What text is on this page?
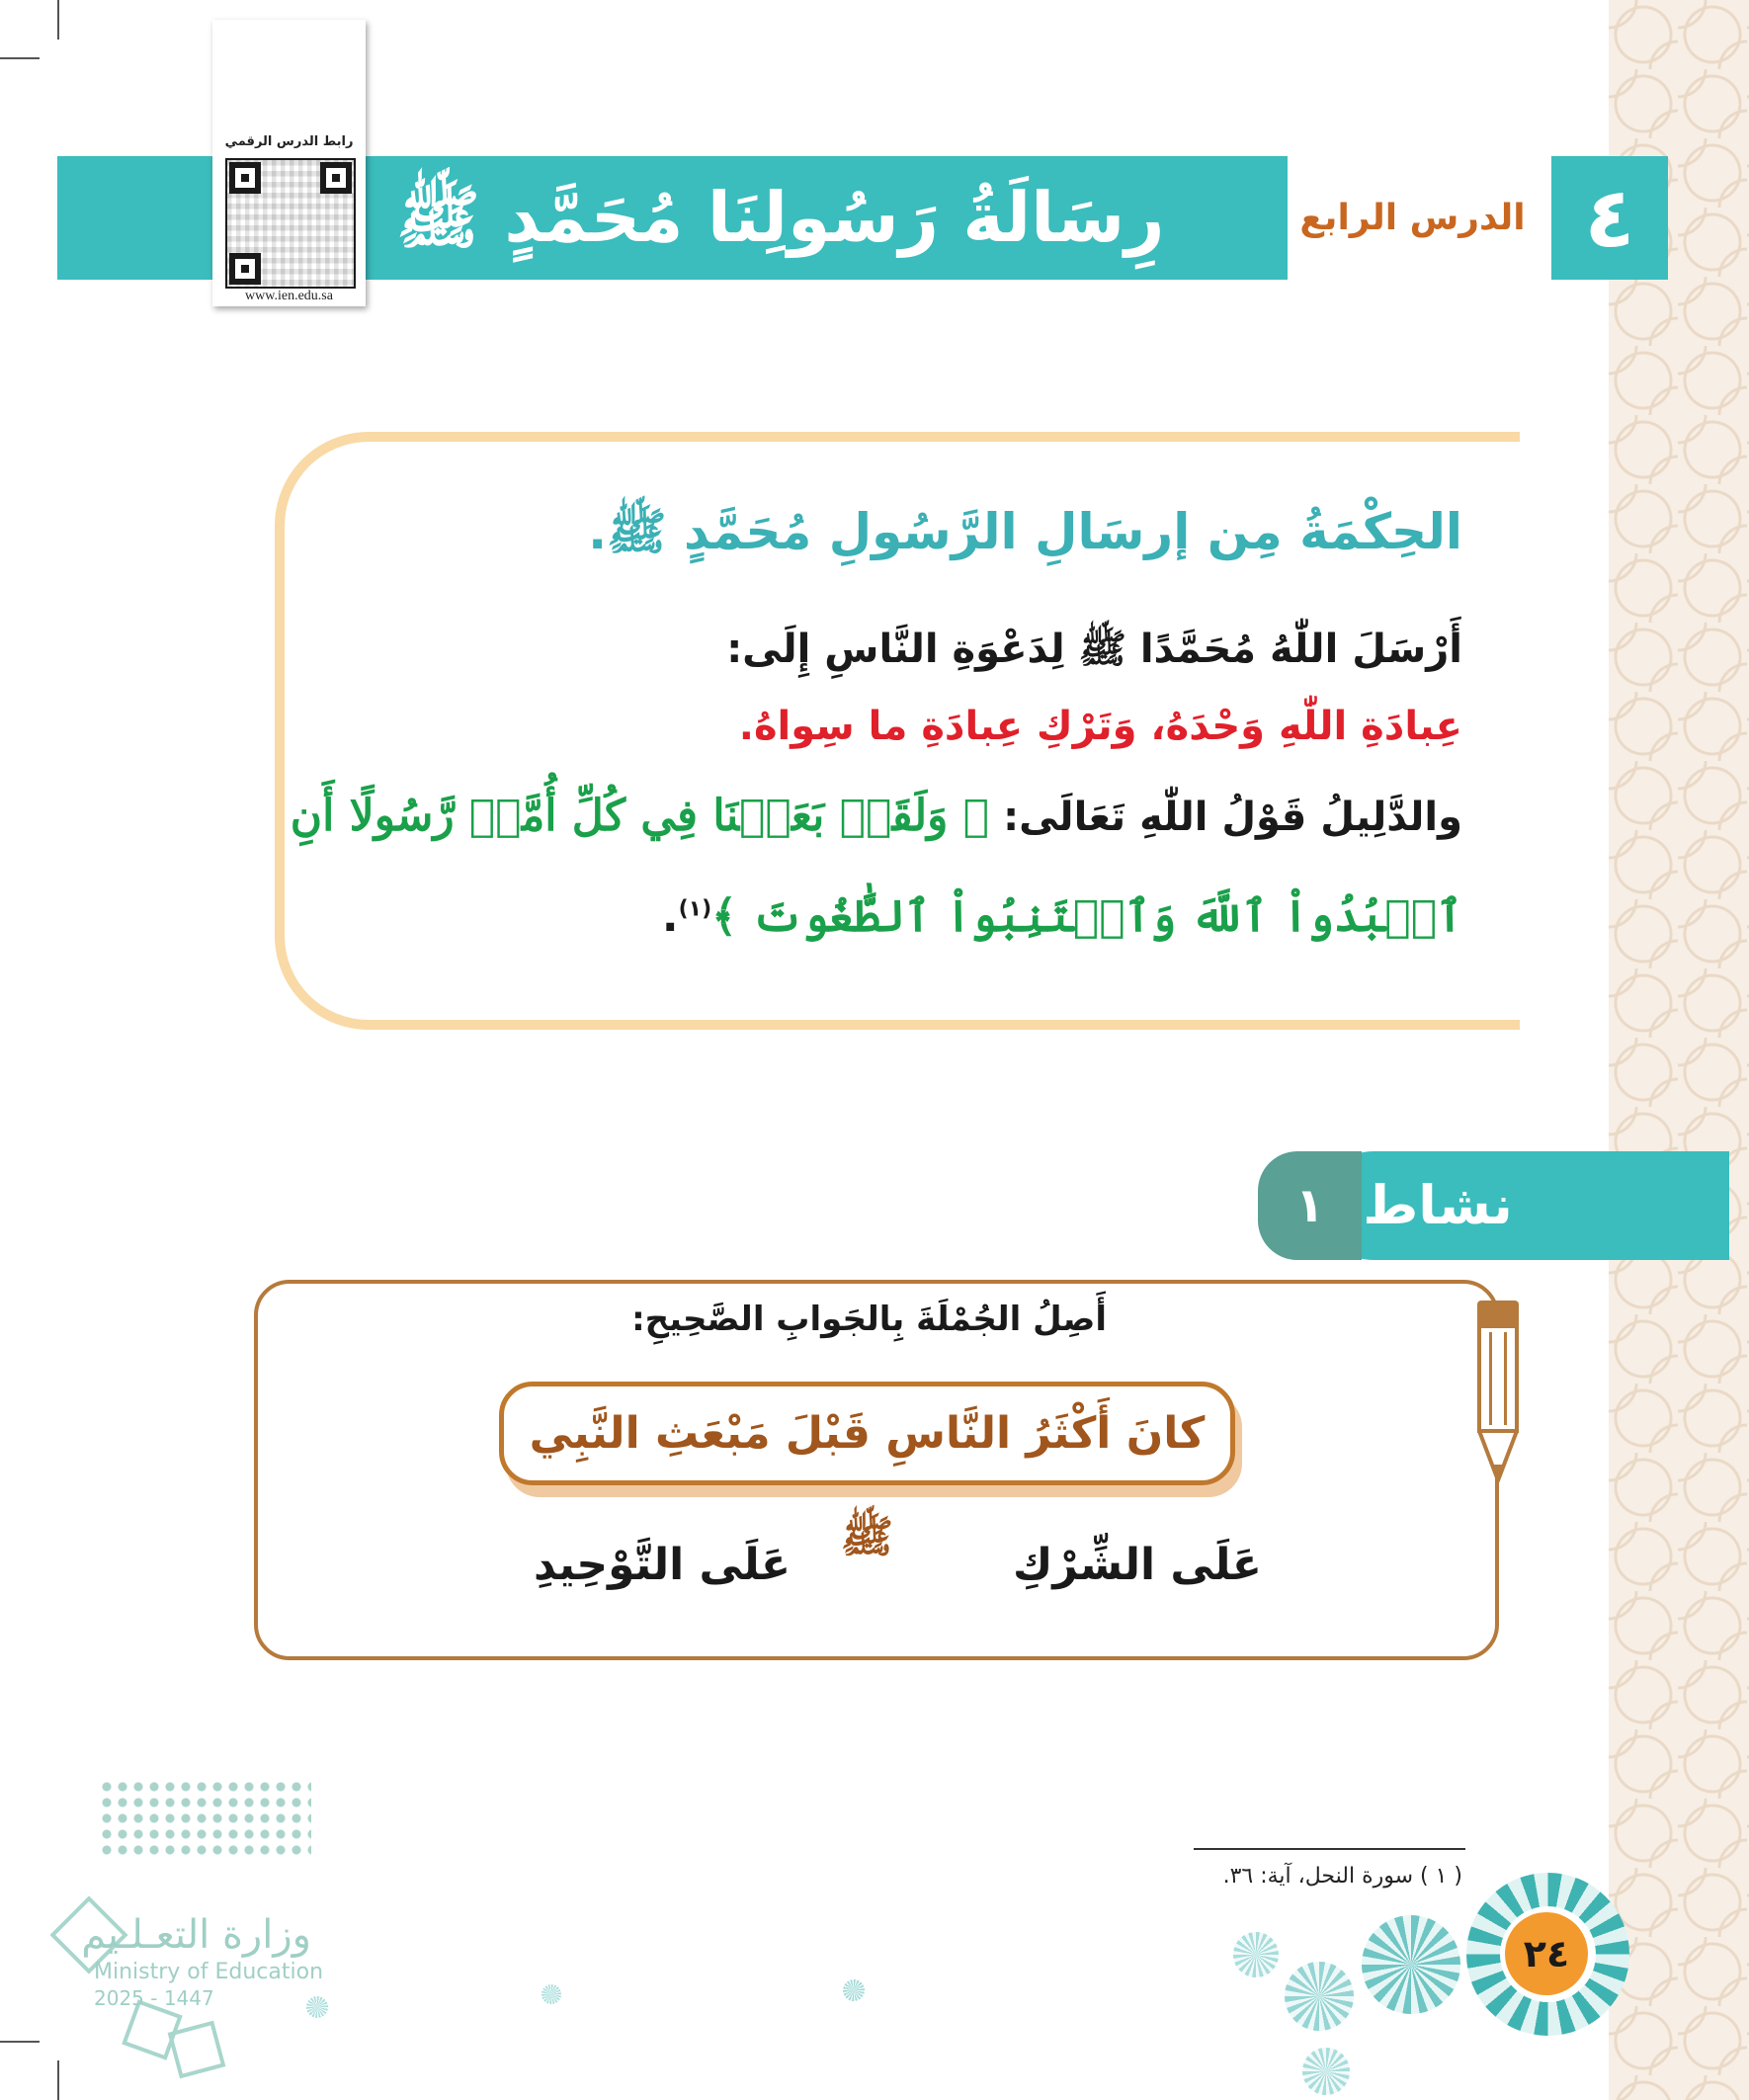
رِسَالَةُ رَسُولِنَا مُحَمَّدٍ ﷺ	الدرس الرابع ٤
رابط الدرس الرقمي
www.ien.edu.sa
الحِكْمَةُ مِن إرسَالِ الرَّسُولِ مُحَمَّدٍ ﷺ.
أَرْسَلَ اللّٰهُ مُحَمَّدًا ﷺ لِدَعْوَةِ النَّاسِ إِلَى:
عِبادَةِ اللّٰهِ وَحْدَهُ، وَتَرْكِ عِبادَةِ ما سِواهُ.
والدَّلِيلُ قَوْلُ اللّٰهِ تَعَالَى: ﴿ وَلَقَدۡ بَعَثۡنَا فِي كُلِّ أُمَّةٖ رَّسُولًا أَنِ
ٱعۡبُدُواْ ٱللَّهَ وَٱجۡتَنِبُواْ ٱلطَّٰغُوتَ ﴾$^{(١)}$.
نشاط
١
أَصِلُ الجُمْلَةَ بِالجَوابِ الصَّحِيحِ:
كانَ أَكْثَرُ النَّاسِ قَبْلَ مَبْعَثِ النَّبِي ﷺ
عَلَى الشِّرْكِ
عَلَى التَّوْحِيدِ
( ١ ) سورة النحل، آية: ٣٦.
٢٤
وزارة التعـلـيم
Ministry of Education
2025 - 1447
